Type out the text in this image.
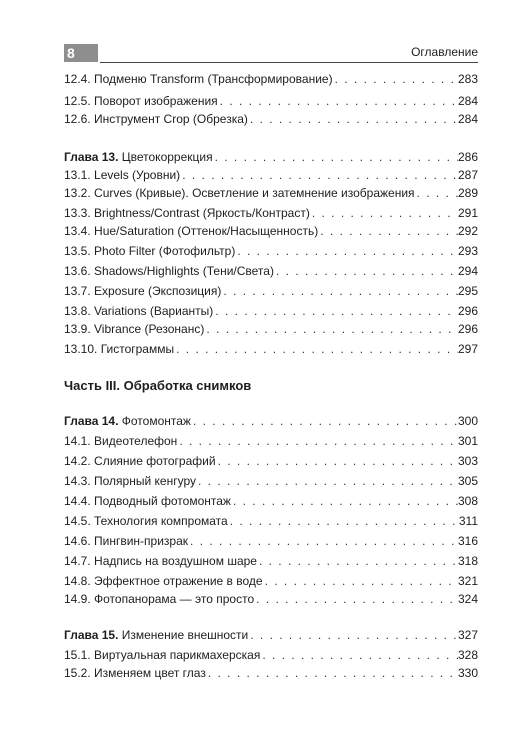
8	Оглавление
Часть III. Обработка снимков
12.4. Подменю Transform (Трансформирование) . . .	283
12.5. Поворот изображения . . .	284
12.6. Инструмент Crop (Обрезка) . . .	284
Глава 13. Цветокоррекция . . .	286
13.1. Levels (Уровни) . . .	287
13.2. Curves (Кривые). Осветление и затемнение изображения . . .	289
13.3. Brightness/Contrast (Яркость/Контраст) . . .	291
13.4. Hue/Saturation (Оттенок/Насыщенность) . . .	292
13.5. Photo Filter (Фотофильтр) . . .	293
13.6. Shadows/Highlights (Тени/Света) . . .	294
13.7. Exposure (Экспозиция) . . .	295
13.8. Variations (Варианты) . . .	296
13.9. Vibrance (Резонанс) . . .	296
13.10. Гистограммы . . .	297
Глава 14. Фотомонтаж . . .	300
14.1. Видеотелефон . . .	301
14.2. Слияние фотографий . . .	303
14.3. Полярный кенгуру . . .	305
14.4. Подводный фотомонтаж . . .	308
14.5. Технология компромата . . .	311
14.6. Пингвин-призрак . . .	316
14.7. Надпись на воздушном шаре . . .	318
14.8. Эффектное отражение в воде . . .	321
14.9. Фотопанорама — это просто . . .	324
Глава 15. Изменение внешности . . .	327
15.1. Виртуальная парикмахерская . . .	328
15.2. Изменяем цвет глаз . . .	330
